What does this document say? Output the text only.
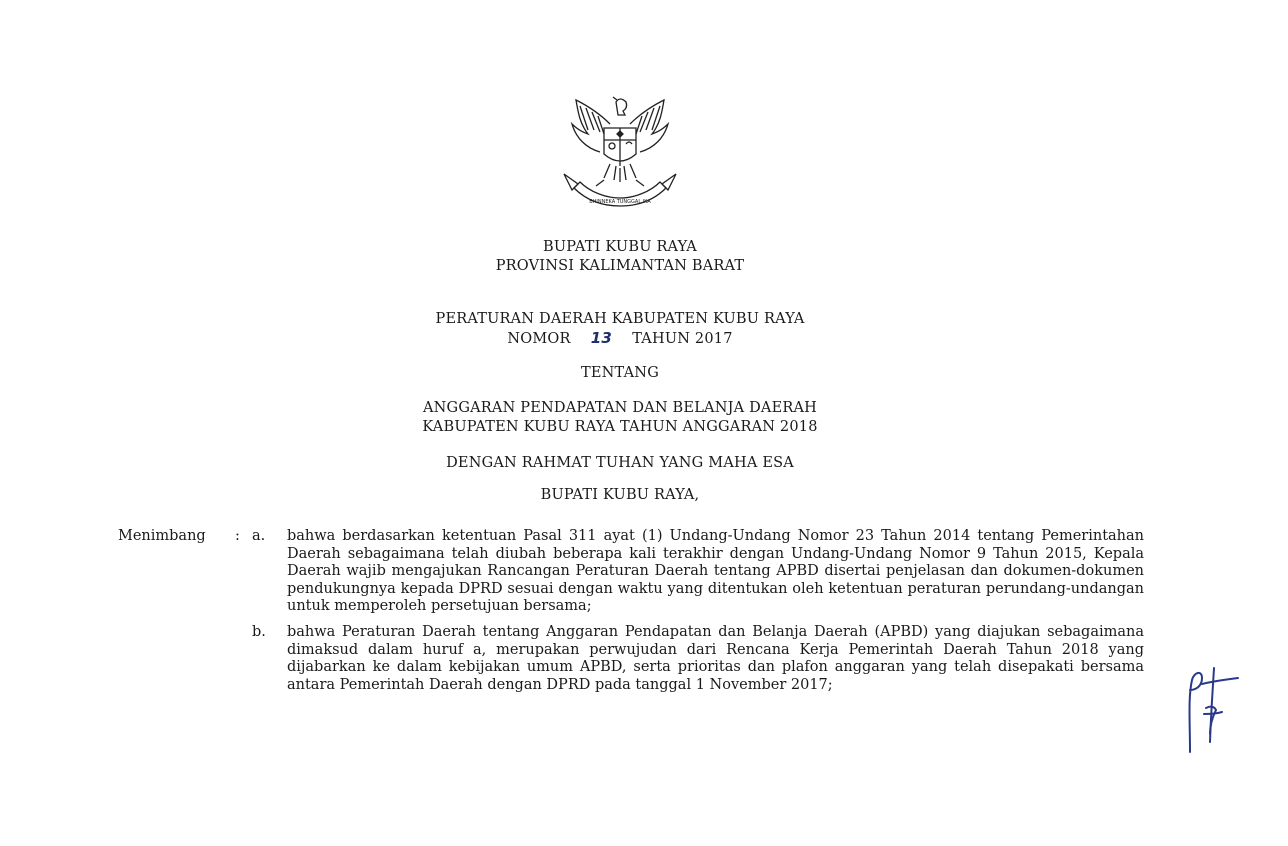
BHINNEKA TUNGGAL IKA
BUPATI KUBU RAYA
PROVINSI KALIMANTAN BARAT
PERATURAN DAERAH KABUPATEN KUBU RAYA
NOMOR 13 TAHUN 2017
TENTANG
ANGGARAN PENDAPATAN DAN BELANJA DAERAH
KABUPATEN KUBU RAYA TAHUN ANGGARAN 2018
DENGAN RAHMAT TUHAN YANG MAHA ESA
BUPATI KUBU RAYA,
Menimbang : a. bahwa berdasarkan ketentuan Pasal 311 ayat (1) Undang-Undang Nomor 23 Tahun 2014 tentang Pemerintahan Daerah sebagaimana telah diubah beberapa kali terakhir dengan Undang-Undang Nomor 9 Tahun 2015, Kepala Daerah wajib mengajukan Rancangan Peraturan Daerah tentang APBD disertai penjelasan dan dokumen-dokumen pendukungnya kepada DPRD sesuai dengan waktu yang ditentukan oleh ketentuan peraturan perundang-undangan untuk memperoleh persetujuan bersama;
b. bahwa Peraturan Daerah tentang Anggaran Pendapatan dan Belanja Daerah (APBD) yang diajukan sebagaimana dimaksud dalam huruf a, merupakan perwujudan dari Rencana Kerja Pemerintah Daerah Tahun 2018 yang dijabarkan ke dalam kebijakan umum APBD, serta prioritas dan plafon anggaran yang telah disepakati bersama antara Pemerintah Daerah dengan DPRD pada tanggal 1 November 2017;
